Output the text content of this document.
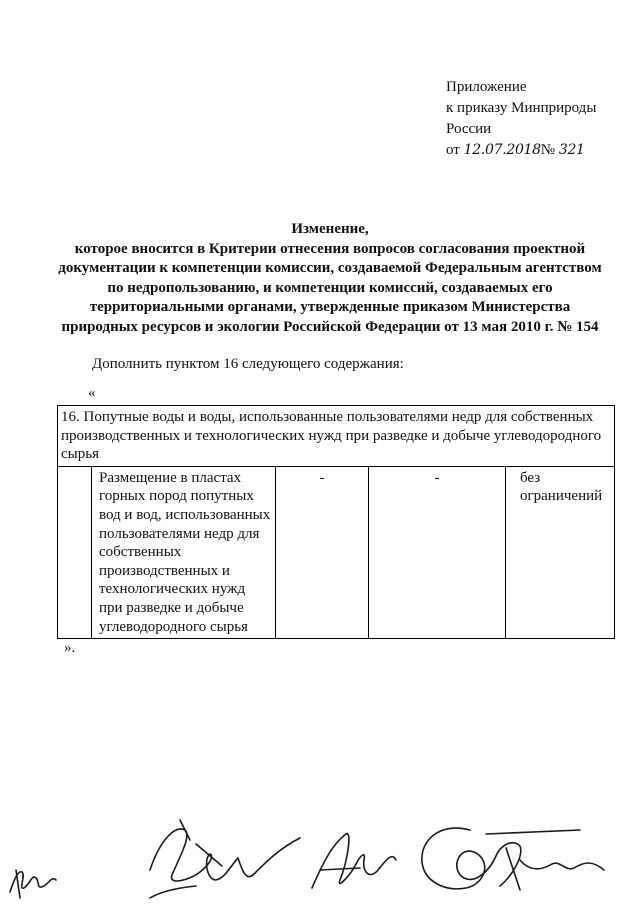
Приложение
к приказу Минприроды
России
от 12.07.2018№ 321
Изменение,
которое вносится в Критерии отнесения вопросов согласования проектной
документации к компетенции комиссии, создаваемой Федеральным агентством
по недропользованию, и компетенции комиссий, создаваемых его
территориальными органами, утвержденные приказом Министерства
природных ресурсов и экологии Российской Федерации от 13 мая 2010 г. № 154
Дополнить пунктом 16 следующего содержания:
«
16. Попутные воды и воды, использованные пользователями недр для собственных производственных и технологических нужд при разведке и добыче углеводородного сырья
	Размещение в пластах горных пород попутных вод и вод, использованных пользователями недр для собственных производственных и технологических нужд при разведке и добыче углеводородного сырья	-	-	без ограничений
».
